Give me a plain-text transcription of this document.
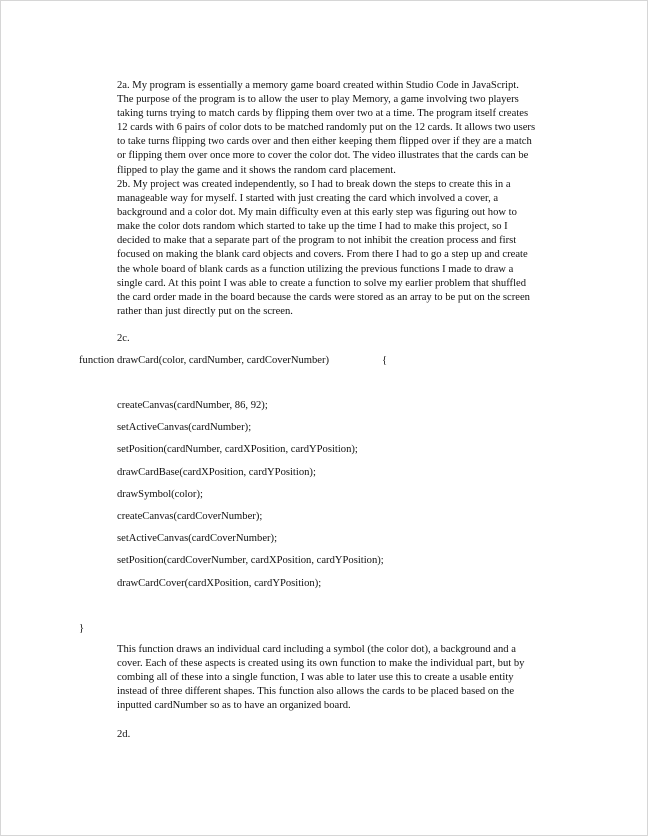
2a. My program is essentially a memory game board created within Studio Code in JavaScript. The purpose of the program is to allow the user to play Memory, a game involving two players taking turns trying to match cards by flipping them over two at a time. The program itself creates 12 cards with 6 pairs of color dots to be matched randomly put on the 12 cards. It allows two users to take turns flipping two cards over and then either keeping them flipped over if they are a match or flipping them over once more to cover the color dot. The video illustrates that the cards can be flipped to play the game and it shows the random card placement.

2b. My project was created independently, so I had to break down the steps to create this in a manageable way for myself. I started with just creating the card which involved a cover, a background and a color dot. My main difficulty even at this early step was figuring out how to make the color dots random which started to take up the time I had to make this project, so I decided to make that a separate part of the program to not inhibit the creation process and first focused on making the blank card objects and covers. From there I had to go a step up and create the whole board of blank cards as a function utilizing the previous functions I made to draw a single card. At this point I was able to create a function to solve my earlier problem that shuffled the card order made in the board because the cards were stored as an array to be put on the screen rather than just directly put on the screen.

2c.

function drawCard(color, cardNumber, cardCoverNumber)	{

createCanvas(cardNumber, 86, 92);

setActiveCanvas(cardNumber);

setPosition(cardNumber, cardXPosition, cardYPosition);

drawCardBase(cardXPosition, cardYPosition);

drawSymbol(color);

createCanvas(cardCoverNumber);

setActiveCanvas(cardCoverNumber);

setPosition(cardCoverNumber, cardXPosition, cardYPosition);

drawCardCover(cardXPosition, cardYPosition);

}

This function draws an individual card including a symbol (the color dot), a background and a cover. Each of these aspects is created using its own function to make the individual part, but by combing all of these into a single function, I was able to later use this to create a usable entity instead of three different shapes. This function also allows the cards to be placed based on the inputted cardNumber so as to have an organized board.

2d.
